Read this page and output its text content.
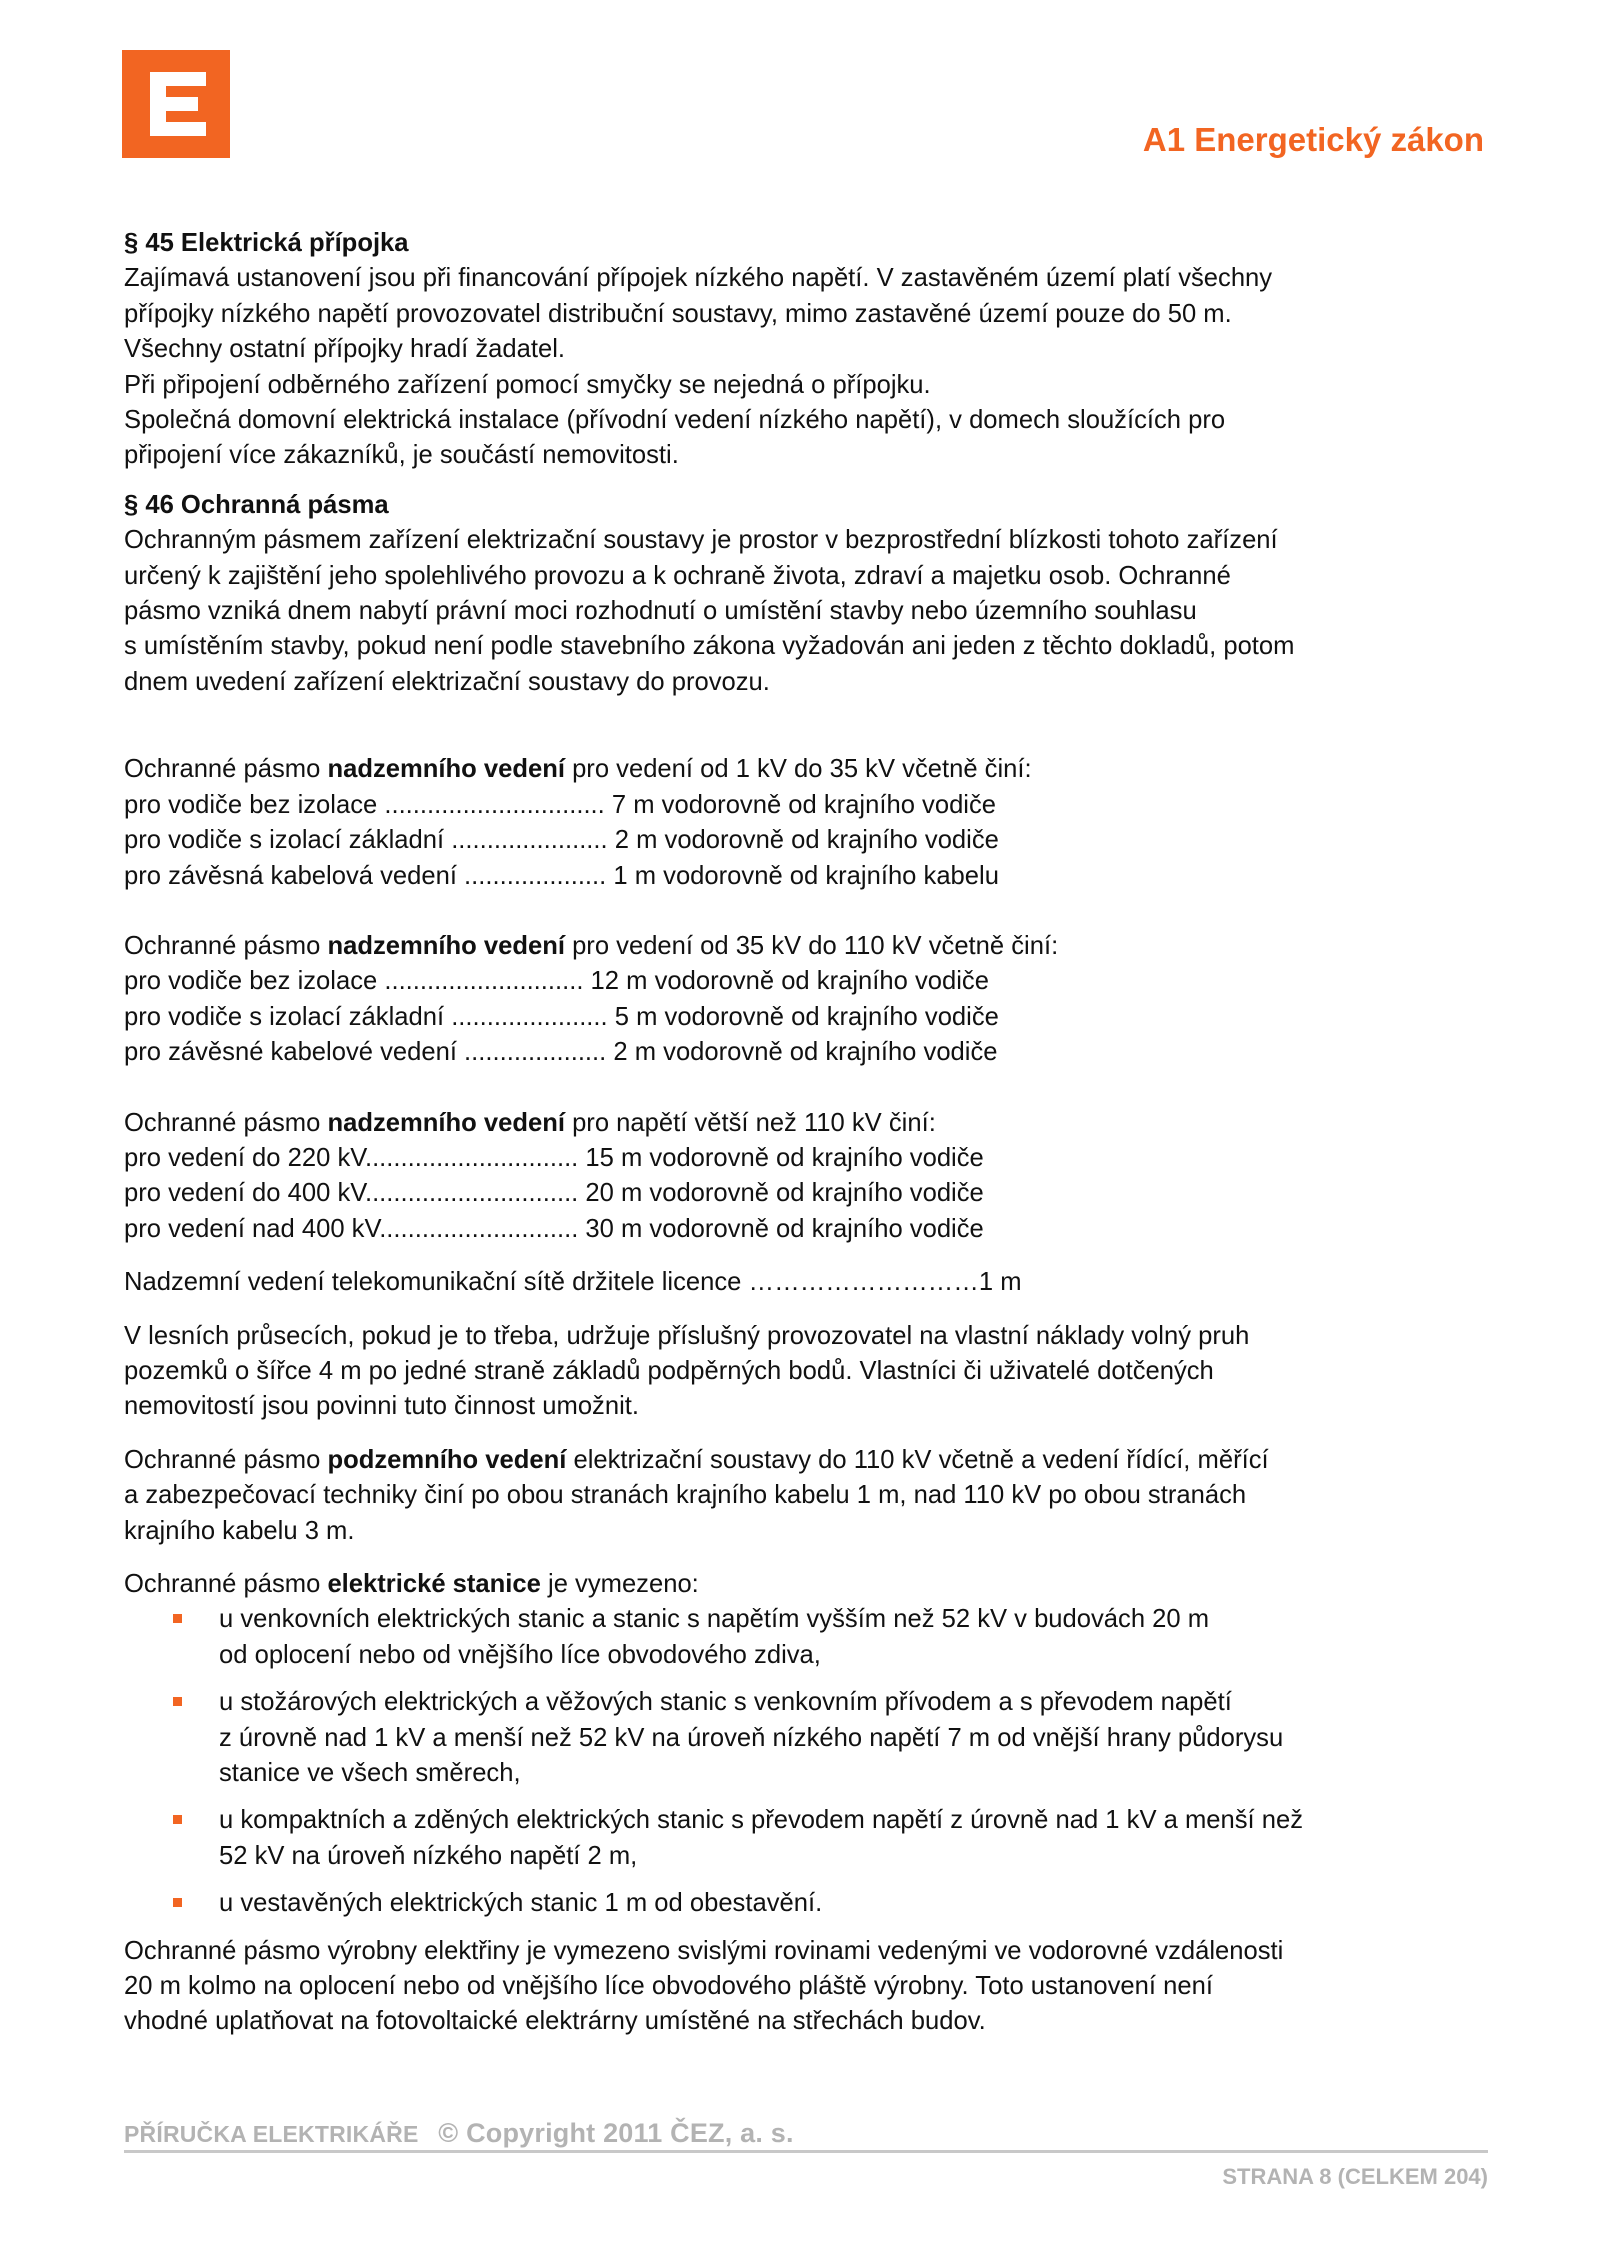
A1 Energetický zákon

§ 45 Elektrická přípojka

Zajímavá ustanovení jsou při financování přípojek nízkého napětí. V zastavěném území platí všechny

přípojky nízkého napětí provozovatel distribuční soustavy, mimo zastavěné území pouze do 50 m.

Všechny ostatní přípojky hradí žadatel.

Při připojení odběrného zařízení pomocí smyčky se nejedná o přípojku.

Společná domovní elektrická instalace (přívodní vedení nízkého napětí), v domech sloužících pro

připojení více zákazníků, je součástí nemovitosti.

§ 46 Ochranná pásma

Ochranným pásmem zařízení elektrizační soustavy je prostor v bezprostřední blízkosti tohoto zařízení

určený k zajištění jeho spolehlivého provozu a k ochraně života, zdraví a majetku osob. Ochranné

pásmo vzniká dnem nabytí právní moci rozhodnutí o umístění stavby nebo územního souhlasu

s umístěním stavby, pokud není podle stavebního zákona vyžadován ani jeden z těchto dokladů, potom

dnem uvedení zařízení elektrizační soustavy do provozu.

Ochranné pásmo nadzemního vedení pro vedení od 1 kV do 35 kV včetně činí:

pro vodiče bez izolace ............................... 7 m vodorovně od krajního vodiče

pro vodiče s izolací základní ...................... 2 m vodorovně od krajního vodiče

pro závěsná kabelová vedení .................... 1 m vodorovně od krajního kabelu

Ochranné pásmo nadzemního vedení pro vedení od 35 kV do 110 kV včetně činí:

pro vodiče bez izolace ............................ 12 m vodorovně od krajního vodiče

pro vodiče s izolací základní ...................... 5 m vodorovně od krajního vodiče

pro závěsné kabelové vedení .................... 2 m vodorovně od krajního vodiče

Ochranné pásmo nadzemního vedení pro napětí větší než 110 kV činí:

pro vedení do 220 kV.............................. 15 m vodorovně od krajního vodiče

pro vedení do 400 kV.............................. 20 m vodorovně od krajního vodiče

pro vedení nad 400 kV............................ 30 m vodorovně od krajního vodiče

Nadzemní vedení telekomunikační sítě držitele licence ………………………1 m

V lesních průsecích, pokud je to třeba, udržuje příslušný provozovatel na vlastní náklady volný pruh

pozemků o šířce 4 m po jedné straně základů podpěrných bodů. Vlastníci či uživatelé dotčených

nemovitostí jsou povinni tuto činnost umožnit.

Ochranné pásmo podzemního vedení elektrizační soustavy do 110 kV včetně a vedení řídící, měřící

a zabezpečovací techniky činí po obou stranách krajního kabelu 1 m, nad 110 kV po obou stranách

krajního kabelu 3 m.

Ochranné pásmo elektrické stanice je vymezeno:

u venkovních elektrických stanic a stanic s napětím vyšším než 52 kV v budovách 20 m
od oplocení nebo od vnějšího líce obvodového zdiva,
u stožárových elektrických a věžových stanic s venkovním přívodem a s převodem napětí
z úrovně nad 1 kV a menší než 52 kV na úroveň nízkého napětí 7 m od vnější hrany půdorysu
stanice ve všech směrech,
u kompaktních a zděných elektrických stanic s převodem napětí z úrovně nad 1 kV a menší než
52 kV na úroveň nízkého napětí 2 m,
u vestavěných elektrických stanic 1 m od obestavění.

Ochranné pásmo výrobny elektřiny je vymezeno svislými rovinami vedenými ve vodorovné vzdálenosti

20 m kolmo na oplocení nebo od vnějšího líce obvodového pláště výrobny. Toto ustanovení není

vhodné uplatňovat na fotovoltaické elektrárny umístěné na střechách budov.

PŘÍRUČKA ELEKTRIKÁŘE © Copyright 2011 ČEZ, a. s.
STRANA 8 (CELKEM 204)
